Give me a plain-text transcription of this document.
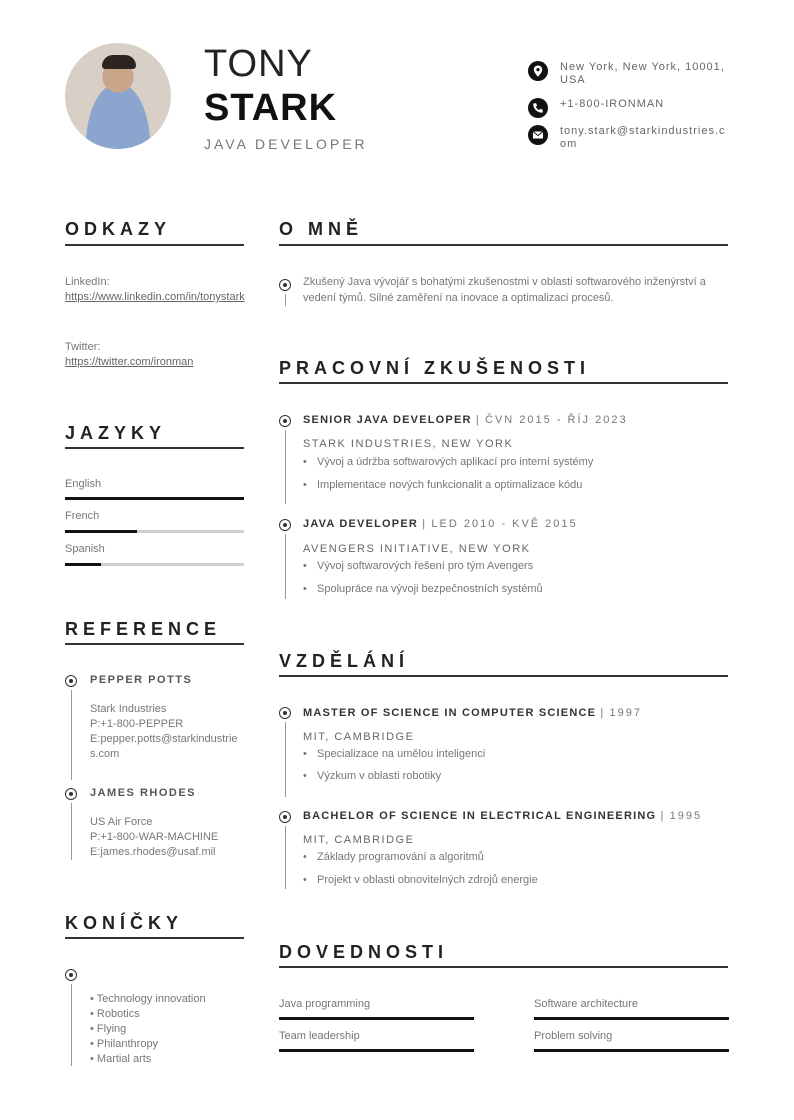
TONY
STARK
JAVA DEVELOPER
New York, New York, 10001, USA
+1-800-IRONMAN
tony.stark@starkindustries.com
ODKAZY
LinkedIn:
https://www.linkedin.com/in/tonystark
Twitter:
https://twitter.com/ironman
JAZYKY
English
French
Spanish
REFERENCE
PEPPER POTTS
Stark Industries
P:+1-800-PEPPER
E:pepper.potts@starkindustries.com
JAMES RHODES
US Air Force
P:+1-800-WAR-MACHINE
E:james.rhodes@usaf.mil
KONÍČKY
• Technology innovation
• Robotics
• Flying
• Philanthropy
• Martial arts
O MNĚ
Zkušený Java vývojář s bohatými zkušenostmi v oblasti softwarového inženýrství a vedení týmů. Silné zaměření na inovace a optimalizaci procesů.
PRACOVNÍ ZKUŠENOSTI
SENIOR JAVA DEVELOPER | ČVN 2015 - ŘÍJ 2023
STARK INDUSTRIES, NEW YORK
• Vývoj a údržba softwarových aplikací pro interní systémy
• Implementace nových funkcionalit a optimalizace kódu
JAVA DEVELOPER | LED 2010 - KVĚ 2015
AVENGERS INITIATIVE, NEW YORK
• Vývoj softwarových řešení pro tým Avengers
• Spolupráce na vývoji bezpečnostních systémů
VZDĚLÁNÍ
MASTER OF SCIENCE IN COMPUTER SCIENCE | 1997
MIT, CAMBRIDGE
• Specializace na umělou inteligenci
• Výzkum v oblasti robotiky
BACHELOR OF SCIENCE IN ELECTRICAL ENGINEERING | 1995
MIT, CAMBRIDGE
• Základy programování a algoritmů
• Projekt v oblasti obnovitelných zdrojů energie
DOVEDNOSTI
Java programming	Software architecture
Team leadership	Problem solving
